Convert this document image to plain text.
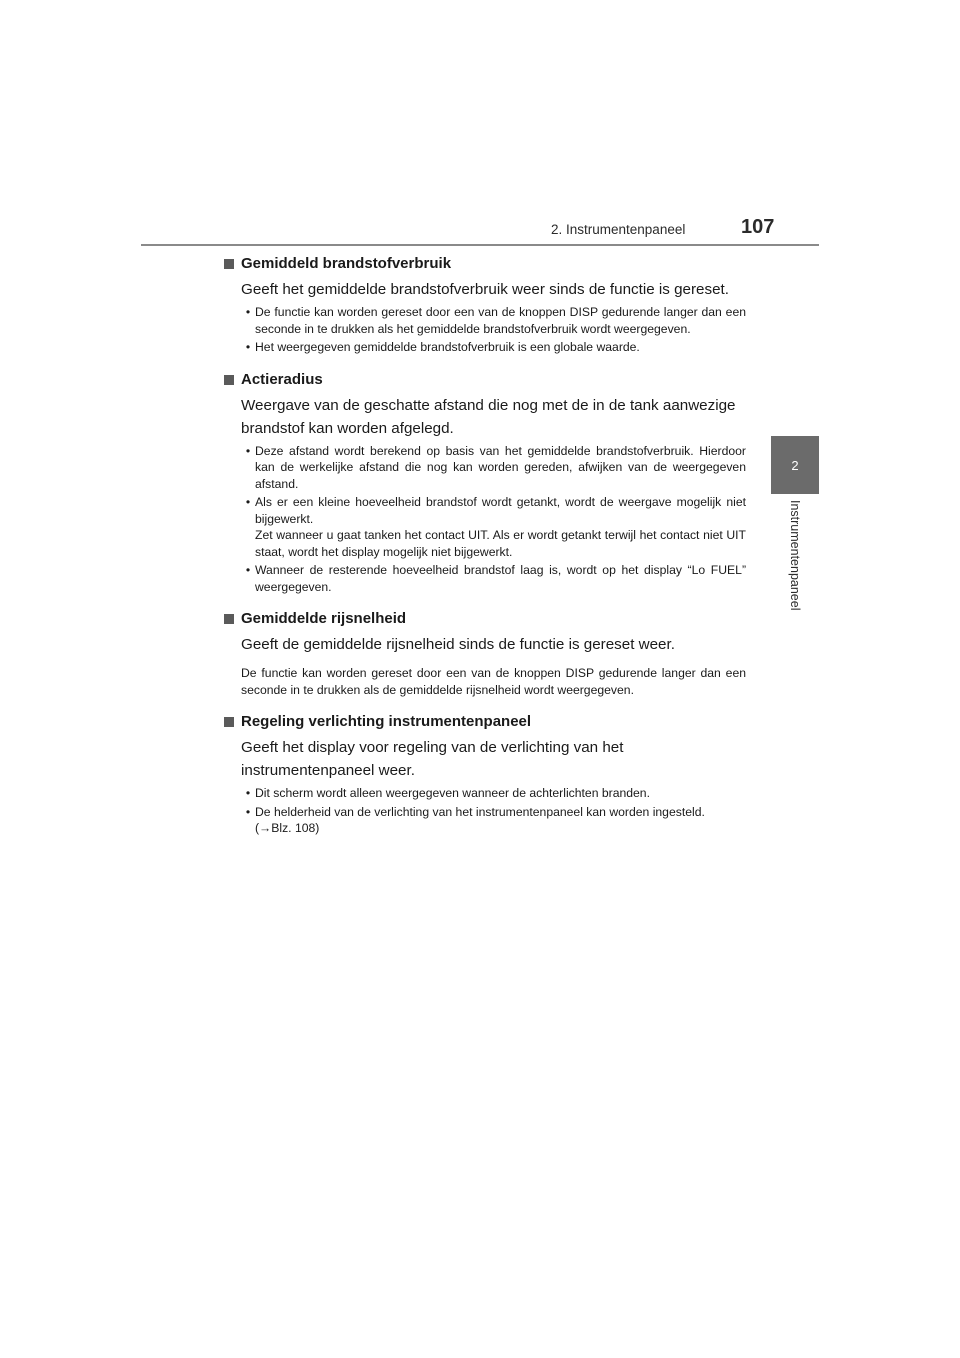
2. Instrumentenpaneel	107
2
Instrumentenpaneel
Gemiddeld brandstofverbruik
Geeft het gemiddelde brandstofverbruik weer sinds de functie is gereset.
• De functie kan worden gereset door een van de knoppen DISP gedurende langer dan een seconde in te drukken als het gemiddelde brandstofverbruik wordt weergegeven.
• Het weergegeven gemiddelde brandstofverbruik is een globale waarde.
Actieradius
Weergave van de geschatte afstand die nog met de in de tank aanwezige brandstof kan worden afgelegd.
• Deze afstand wordt berekend op basis van het gemiddelde brandstofverbruik. Hierdoor kan de werkelijke afstand die nog kan worden gereden, afwijken van de weergegeven afstand.
• Als er een kleine hoeveelheid brandstof wordt getankt, wordt de weergave mogelijk niet bijgewerkt.
Zet wanneer u gaat tanken het contact UIT. Als er wordt getankt terwijl het contact niet UIT staat, wordt het display mogelijk niet bijgewerkt.
• Wanneer de resterende hoeveelheid brandstof laag is, wordt op het display “Lo FUEL” weergegeven.
Gemiddelde rijsnelheid
Geeft de gemiddelde rijsnelheid sinds de functie is gereset weer.
De functie kan worden gereset door een van de knoppen DISP gedurende langer dan een seconde in te drukken als de gemiddelde rijsnelheid wordt weergegeven.
Regeling verlichting instrumentenpaneel
Geeft het display voor regeling van de verlichting van het instrumentenpaneel weer.
• Dit scherm wordt alleen weergegeven wanneer de achterlichten branden.
• De helderheid van de verlichting van het instrumentenpaneel kan worden ingesteld.
(→Blz. 108)
